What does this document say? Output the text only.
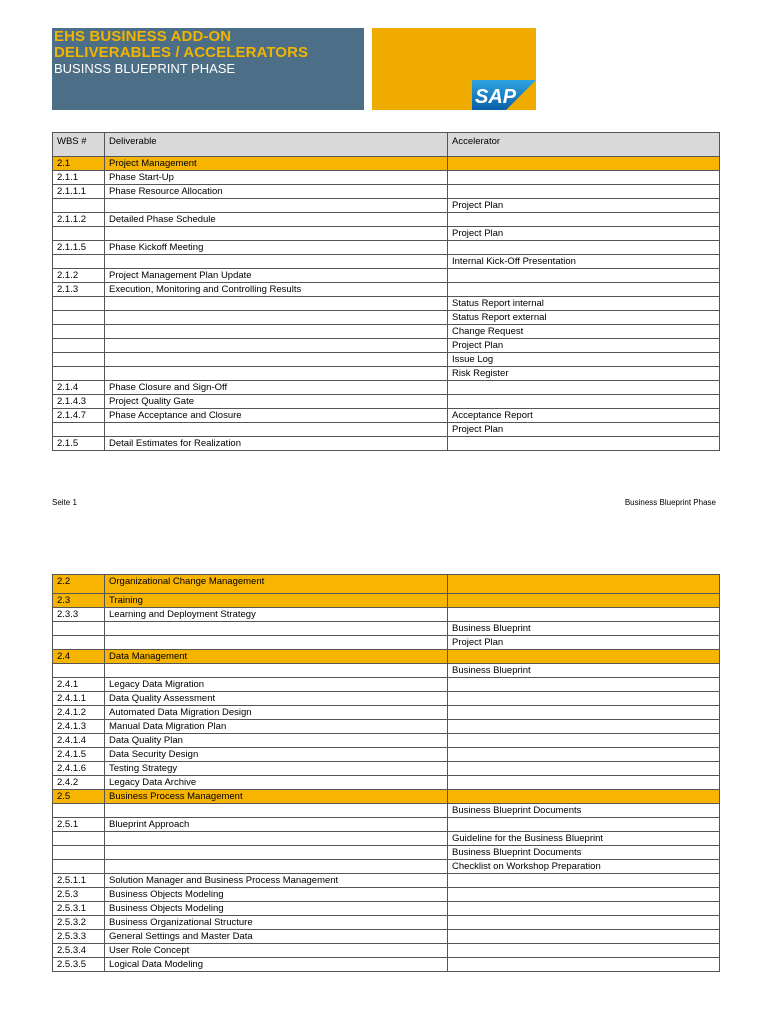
EHS BUSINESS ADD-ON
DELIVERABLES / ACCELERATORS
BUSINSS BLUEPRINT PHASE
SAP
WBS #	Deliverable	Accelerator
2.1	Project Management	
2.1.1	Phase Start-Up	
2.1.1.1	Phase Resource Allocation	
		Project Plan
2.1.1.2	Detailed Phase Schedule	
		Project Plan
2.1.1.5	Phase Kickoff Meeting	
		Internal Kick-Off Presentation
2.1.2	Project Management Plan Update	
2.1.3	Execution, Monitoring and Controlling Results	
		Status Report internal
		Status Report external
		Change Request
		Project Plan
		Issue Log
		Risk Register
2.1.4	Phase Closure and Sign-Off	
2.1.4.3	Project Quality Gate	
2.1.4.7	Phase Acceptance and Closure	Acceptance Report
		Project Plan
2.1.5	Detail Estimates for Realization	
Seite 1	Business Blueprint Phase
2.2	Organizational Change Management	
2.3	Training	
2.3.3	Learning and Deployment Strategy	
		Business Blueprint
		Project Plan
2.4	Data Management	
		Business Blueprint
2.4.1	Legacy Data Migration	
2.4.1.1	Data Quality Assessment	
2.4.1.2	Automated Data Migration Design	
2.4.1.3	Manual Data Migration Plan	
2.4.1.4	Data Quality Plan	
2.4.1.5	Data Security Design	
2.4.1.6	Testing Strategy	
2.4.2	Legacy Data Archive	
2.5	Business Process Management	
		Business Blueprint Documents
2.5.1	Blueprint Approach	
		Guideline for the Business Blueprint
		Business Blueprint Documents
		Checklist on Workshop Preparation
2.5.1.1	Solution Manager and Business Process Management	
2.5.3	Business Objects Modeling	
2.5.3.1	Business Objects Modeling	
2.5.3.2	Business Organizational Structure	
2.5.3.3	General Settings and Master Data	
2.5.3.4	User Role Concept	
2.5.3.5	Logical Data Modeling	
